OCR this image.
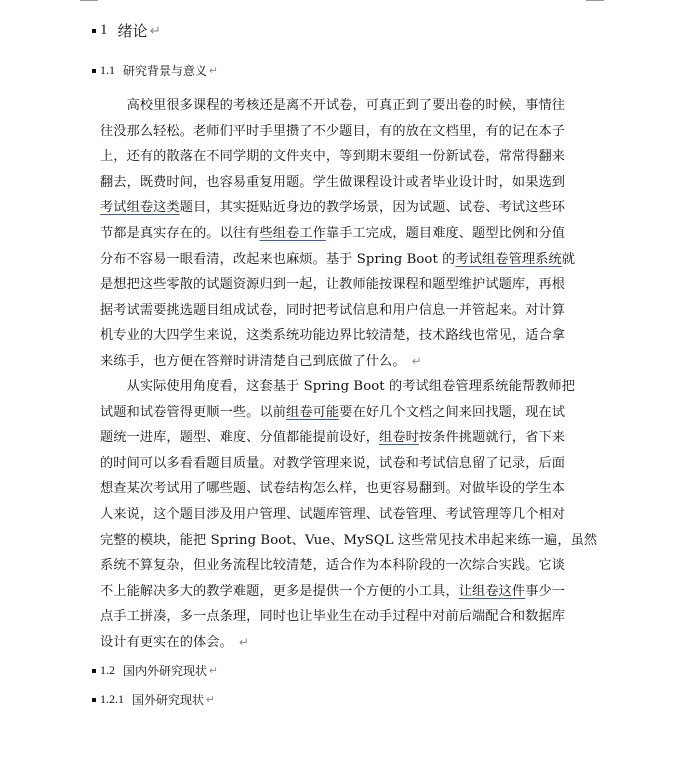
1 绪论 ↵
1.1 研究背景与意义 ↵
　　高校里很多课程的考核还是离不开试卷，可真正到了要出卷的时候，事情往
往没那么轻松。老师们平时手里攒了不少题目，有的放在文档里，有的记在本子
上，还有的散落在不同学期的文件夹中，等到期末要组一份新试卷，常常得翻来
翻去，既费时间，也容易重复用题。学生做课程设计或者毕业设计时，如果选到
考试组卷这类题目，其实挺贴近身边的教学场景，因为试题、试卷、考试这些环
节都是真实存在的。以往有些组卷工作靠手工完成，题目难度、题型比例和分值
分布不容易一眼看清，改起来也麻烦。基于 Spring Boot 的考试组卷管理系统就
是想把这些零散的试题资源归到一起，让教师能按课程和题型维护试题库，再根
据考试需要挑选题目组成试卷，同时把考试信息和用户信息一并管起来。对计算
机专业的大四学生来说，这类系统功能边界比较清楚，技术路线也常见，适合拿
来练手，也方便在答辩时讲清楚自己到底做了什么。 ↵
　　从实际使用角度看，这套基于 Spring Boot 的考试组卷管理系统能帮教师把
试题和试卷管得更顺一些。以前组卷可能要在好几个文档之间来回找题，现在试
题统一进库，题型、难度、分值都能提前设好，组卷时按条件挑题就行，省下来
的时间可以多看看题目质量。对教学管理来说，试卷和考试信息留了记录，后面
想查某次考试用了哪些题、试卷结构怎么样，也更容易翻到。对做毕设的学生本
人来说，这个题目涉及用户管理、试题库管理、试卷管理、考试管理等几个相对
完整的模块，能把 Spring Boot、Vue、MySQL 这些常见技术串起来练一遍，虽然
系统不算复杂，但业务流程比较清楚，适合作为本科阶段的一次综合实践。它谈
不上能解决多大的教学难题，更多是提供一个方便的小工具，让组卷这件事少一
点手工拼凑，多一点条理，同时也让毕业生在动手过程中对前后端配合和数据库
设计有更实在的体会。 ↵
1.2 国内外研究现状 ↵
1.2.1 国外研究现状 ↵
